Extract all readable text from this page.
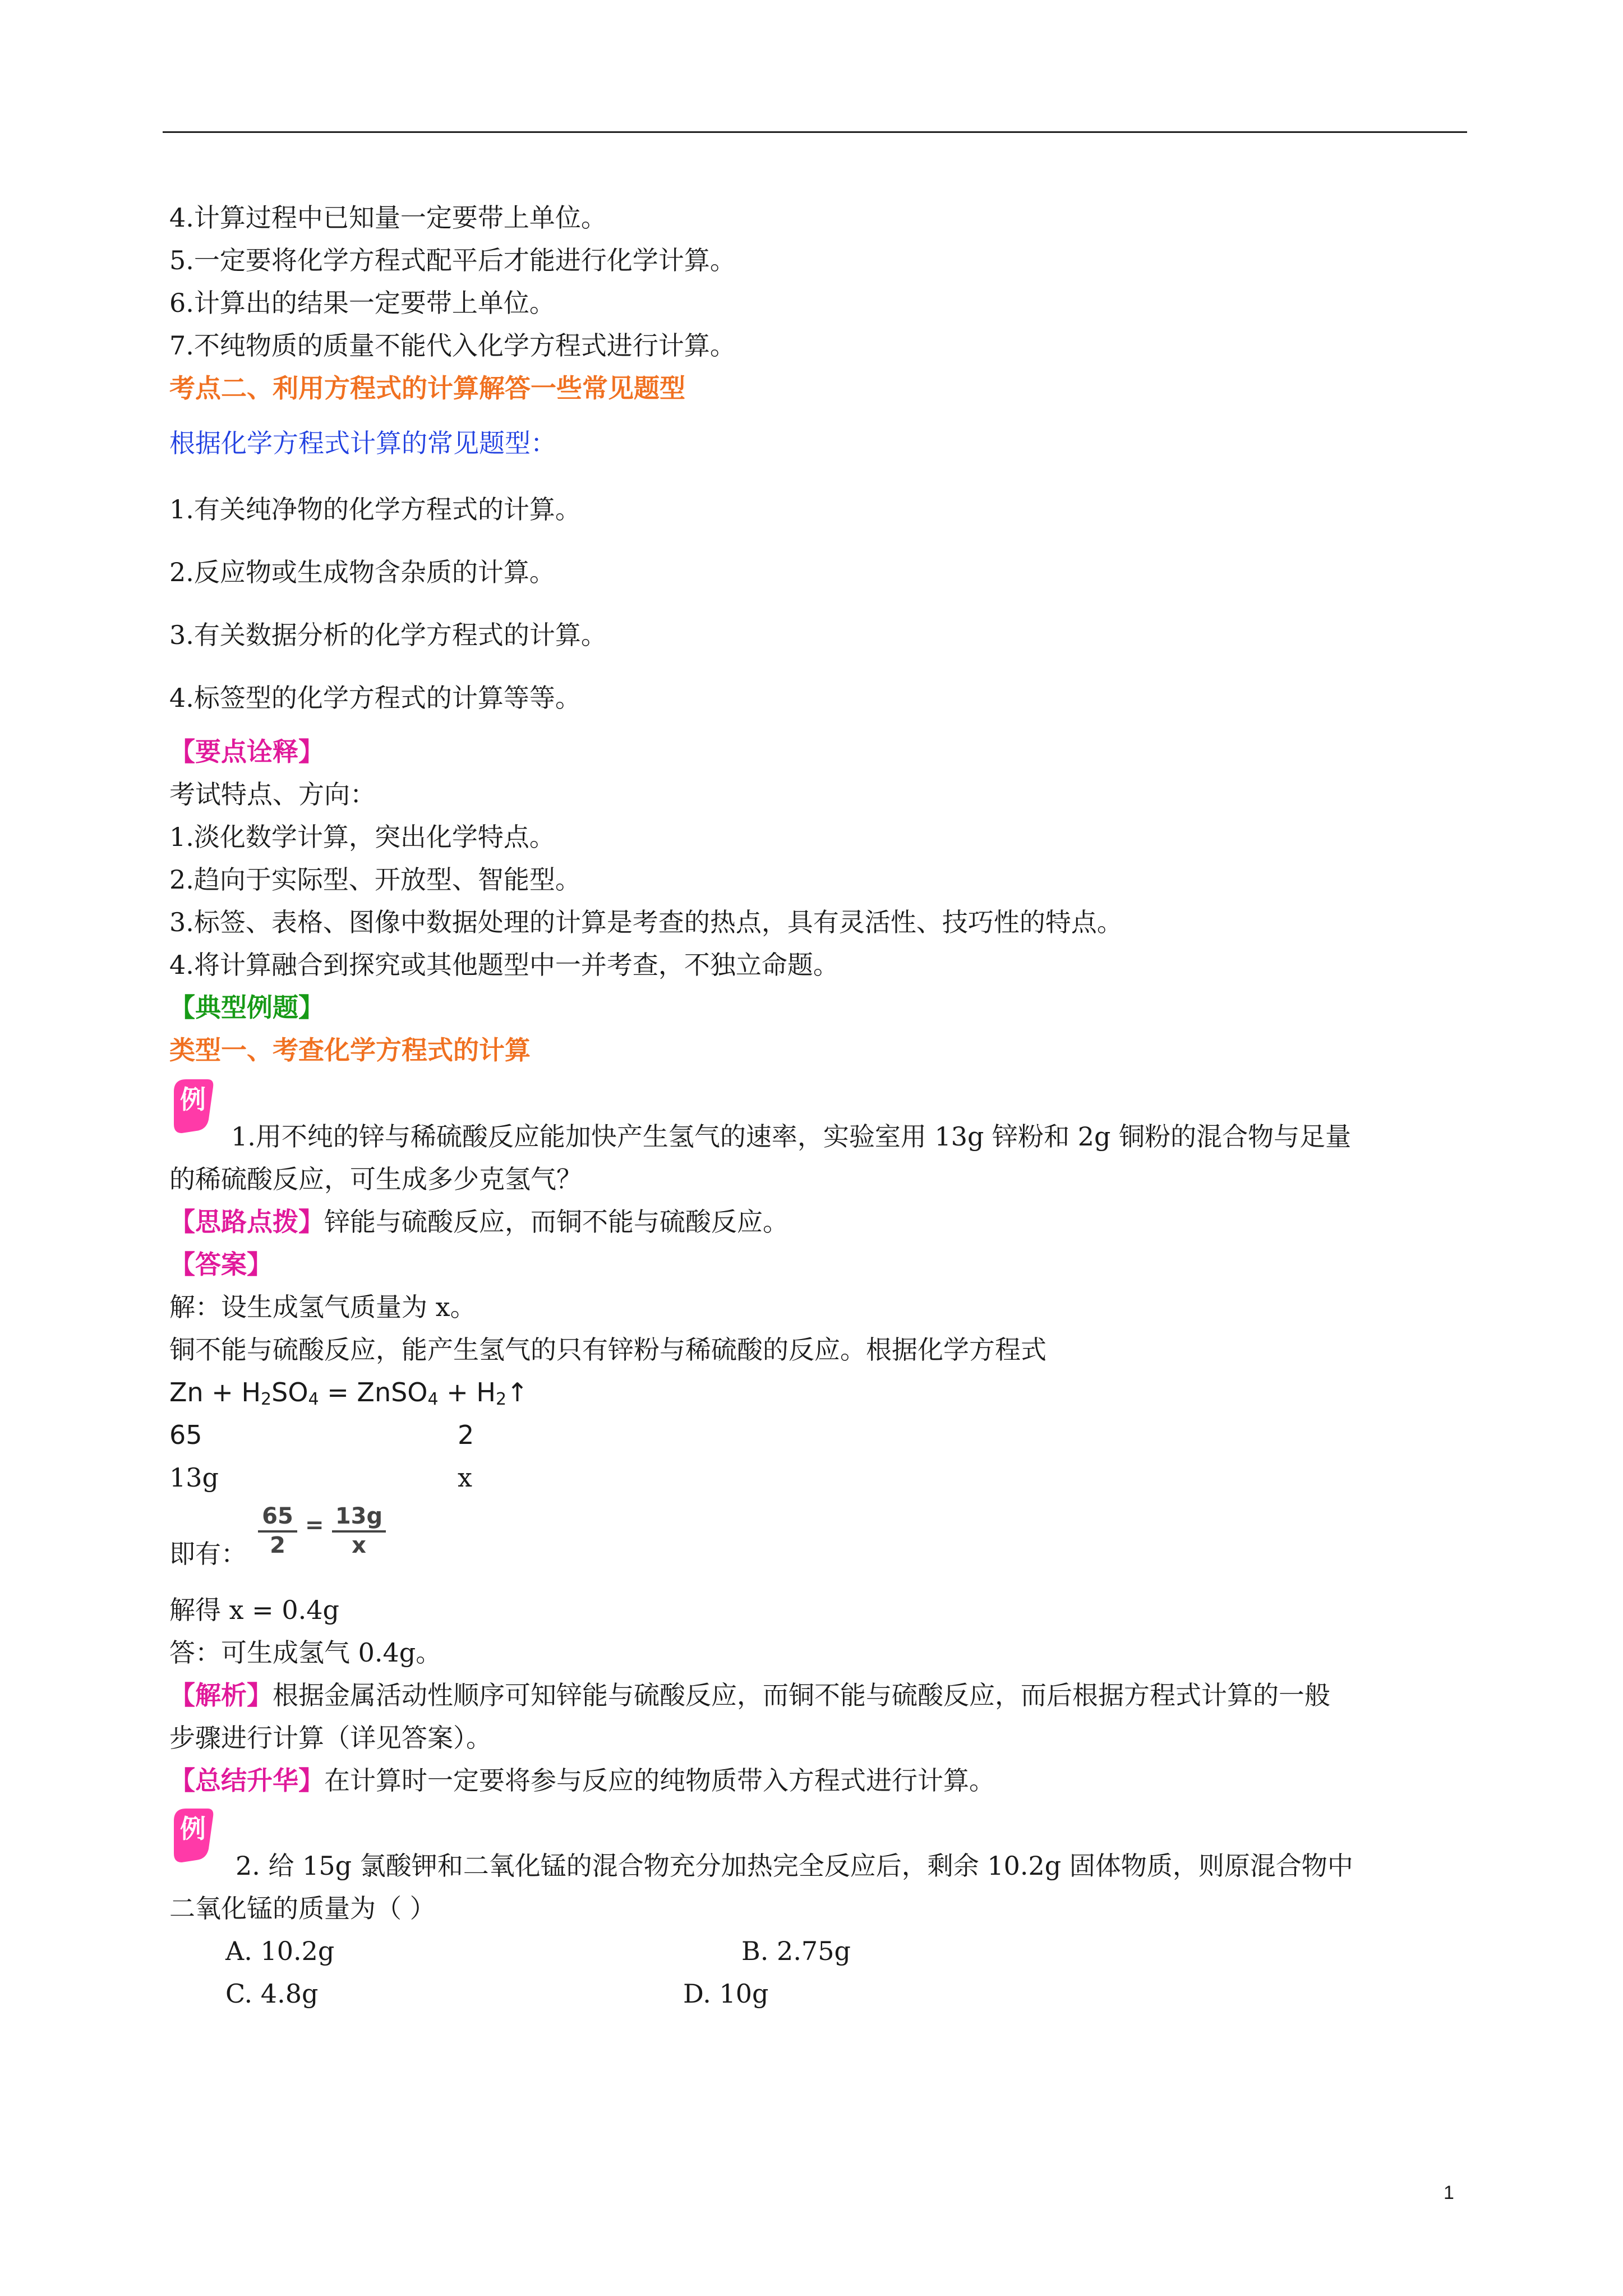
4.计算过程中已知量一定要带上单位。
5.一定要将化学方程式配平后才能进行化学计算。
6.计算出的结果一定要带上单位。
7.不纯物质的质量不能代入化学方程式进行计算。
考点二、利用方程式的计算解答一些常见题型
根据化学方程式计算的常见题型：
1.有关纯净物的化学方程式的计算。
2.反应物或生成物含杂质的计算。
3.有关数据分析的化学方程式的计算。
4.标签型的化学方程式的计算等等。
【要点诠释】
考试特点、方向：
1.淡化数学计算，突出化学特点。
2.趋向于实际型、开放型、智能型。
3.标签、表格、图像中数据处理的计算是考查的热点，具有灵活性、技巧性的特点。
4.将计算融合到探究或其他题型中一并考查，不独立命题。
【典型例题】
类型一、考查化学方程式的计算
例
1.用不纯的锌与稀硫酸反应能加快产生氢气的速率，实验室用 13g 锌粉和 2g 铜粉的混合物与足量
的稀硫酸反应，可生成多少克氢气？
【思路点拨】锌能与硫酸反应，而铜不能与硫酸反应。
【答案】
解：设生成氢气质量为 x。
铜不能与硫酸反应，能产生氢气的只有锌粉与稀硫酸的反应。根据化学方程式
$Zn + H_2SO_4$ = ZnSO$_4$ + $H_2↑$
65	2
13g	x
$\frac{65}{2} = \frac{13g}{x}$
即有：
解得 x = 0.4g
答：可生成氢气 0.4g。
【解析】根据金属活动性顺序可知锌能与硫酸反应，而铜不能与硫酸反应，而后根据方程式计算的一般
步骤进行计算（详见答案）。
【总结升华】在计算时一定要将参与反应的纯物质带入方程式进行计算。
例
2. 给 15g 氯酸钾和二氧化锰的混合物充分加热完全反应后，剩余 10.2g 固体物质，则原混合物中
二氧化锰的质量为（ ）
A. 10.2g	B. 2.75g
C. 4.8g	D. 10g
1
